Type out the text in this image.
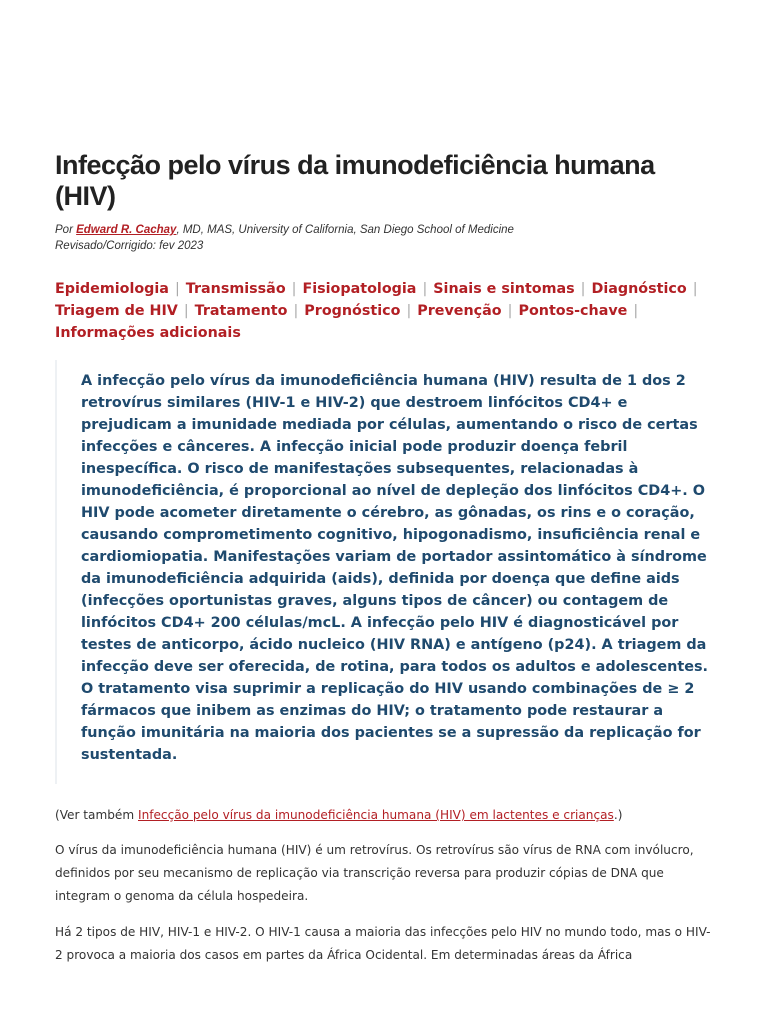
Infecção pelo vírus da imunodeficiência humana (HIV)
Por Edward R. Cachay, MD, MAS, University of California, San Diego School of Medicine
Revisado/Corrigido: fev 2023
Epidemiologia | Transmissão | Fisiopatologia | Sinais e sintomas | Diagnóstico | Triagem de HIV | Tratamento | Prognóstico | Prevenção | Pontos-chave | Informações adicionais

A infecção pelo vírus da imunodeficiência humana (HIV) resulta de 1 dos 2 retrovírus similares (HIV-1 e HIV-2) que destroem linfócitos CD4+ e prejudicam a imunidade mediada por células, aumentando o risco de certas infecções e cânceres. A infecção inicial pode produzir doença febril inespecífica. O risco de manifestações subsequentes, relacionadas à imunodeficiência, é proporcional ao nível de depleção dos linfócitos CD4+. O HIV pode acometer diretamente o cérebro, as gônadas, os rins e o coração, causando comprometimento cognitivo, hipogonadismo, insuficiência renal e cardiomiopatia. Manifestações variam de portador assintomático à síndrome da imunodeficiência adquirida (aids), definida por doença que define aids (infecções oportunistas graves, alguns tipos de câncer) ou contagem de linfócitos CD4+ 200 células/mcL. A infecção pelo HIV é diagnosticável por testes de anticorpo, ácido nucleico (HIV RNA) e antígeno (p24). A triagem da infecção deve ser oferecida, de rotina, para todos os adultos e adolescentes. O tratamento visa suprimir a replicação do HIV usando combinações de ≥ 2 fármacos que inibem as enzimas do HIV; o tratamento pode restaurar a função imunitária na maioria dos pacientes se a supressão da replicação for sustentada.

(Ver também Infecção pelo vírus da imunodeficiência humana (HIV) em lactentes e crianças.)

O vírus da imunodeficiência humana (HIV) é um retrovírus. Os retrovírus são vírus de RNA com invólucro, definidos por seu mecanismo de replicação via transcrição reversa para produzir cópias de DNA que integram o genoma da célula hospedeira.

Há 2 tipos de HIV, HIV-1 e HIV-2. O HIV-1 causa a maioria das infecções pelo HIV no mundo todo, mas o HIV-2 provoca a maioria dos casos em partes da África Ocidental. Em determinadas áreas da África
